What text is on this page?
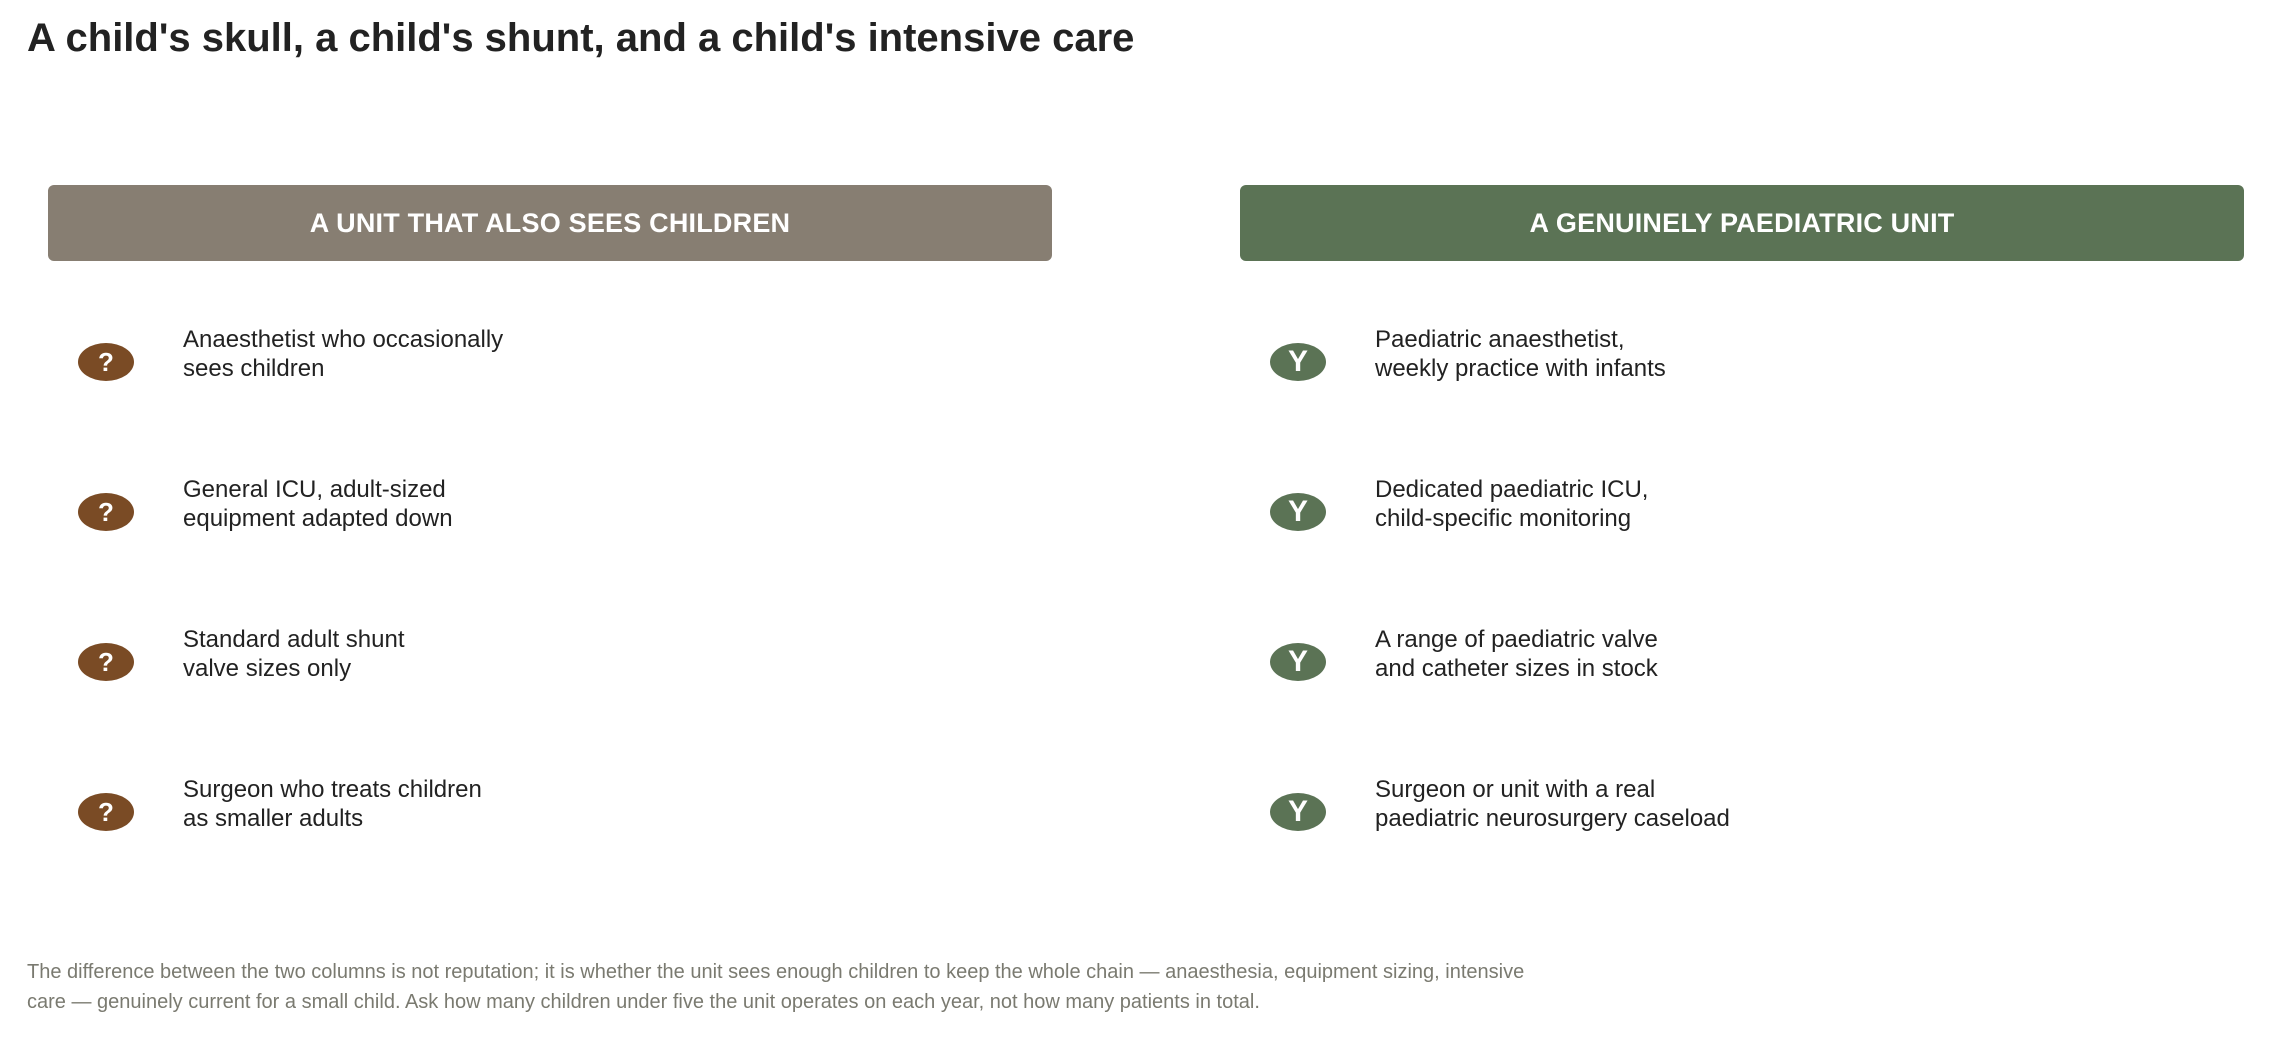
A child's skull, a child's shunt, and a child's intensive care
A UNIT THAT ALSO SEES CHILDREN
?
Anaesthetist who occasionally
sees children
?
General ICU, adult-sized
equipment adapted down
?
Standard adult shunt
valve sizes only
?
Surgeon who treats children
as smaller adults
A GENUINELY PAEDIATRIC UNIT
Y
Paediatric anaesthetist,
weekly practice with infants
Y
Dedicated paediatric ICU,
child-specific monitoring
Y
A range of paediatric valve
and catheter sizes in stock
Y
Surgeon or unit with a real
paediatric neurosurgery caseload
The difference between the two columns is not reputation; it is whether the unit sees enough children to keep the whole chain — anaesthesia, equipment sizing, intensive
care — genuinely current for a small child. Ask how many children under five the unit operates on each year, not how many patients in total.
